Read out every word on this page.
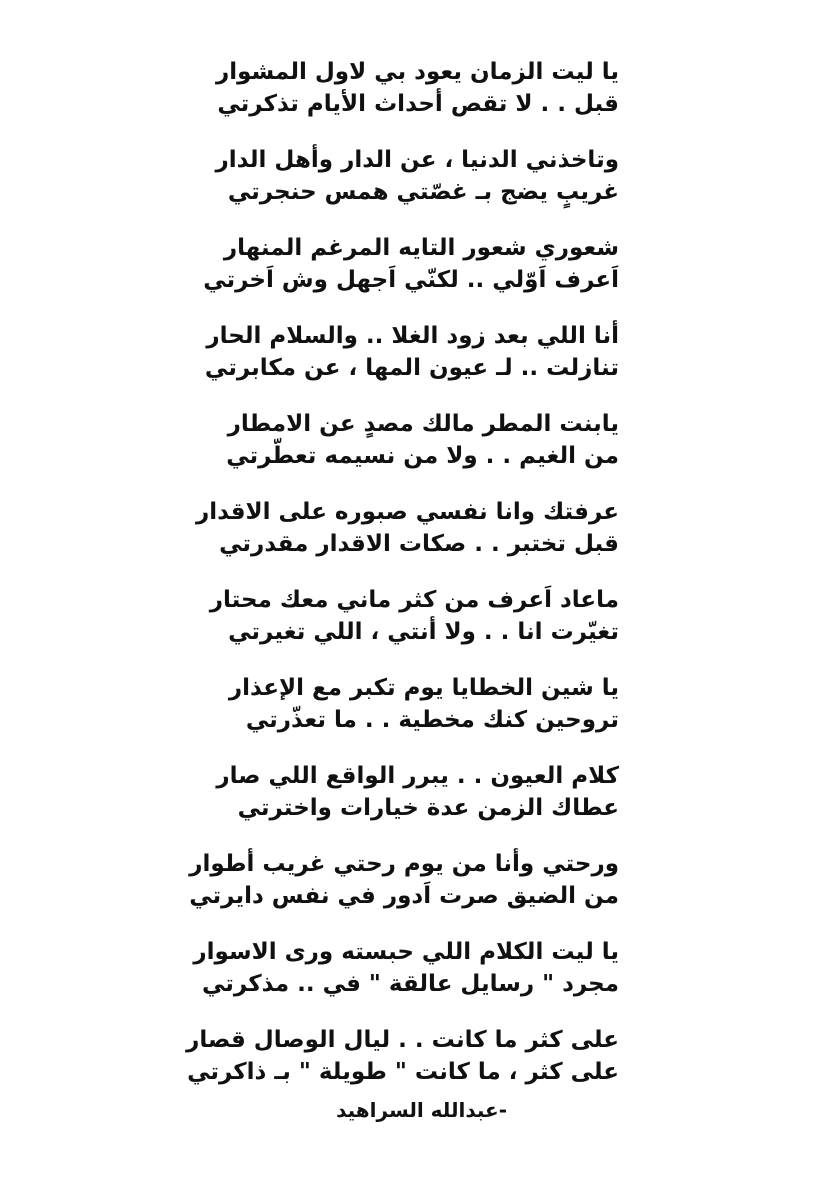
يا ليت الزمان يعود بي لاول المشوار
قبل . . لا تقص أحداث الأيام تذكرتي
وتاخذني الدنيا ، عن الدار وأهل الدار
غريبٍ يضج بـ غصّتي همس حنجرتي
شعوري شعور التايه المرغم المنهار
اَعرف اَوّلي .. لكنّي اَجهل وش اَخرتي
أنا اللي بعد زود الغلا .. والسلام الحار
تنازلت .. لـ عيون المها ، عن مكابرتي
يابنت المطر مالك مصدٍ عن الامطار
من الغيم . . ولا من نسيمه تعطّرتي
عرفتك وانا نفسي صبوره على الاقدار
قبل تختبر . . صكات الاقدار مقدرتي
ماعاد اَعرف من كثر ماني معك محتار
تغيّرت انا . . ولا أنتي ، اللي تغيرتي
يا شين الخطايا يوم تكبر مع الإعذار
تروحين كنك مخطية . . ما تعذّرتي
كلام العيون . . يبرر الواقع اللي صار
عطاك الزمن عدة خيارات واخترتي
ورحتي وأنا من يوم رحتي غريب أطوار
من الضيق صرت اَدور في نفس دايرتي
يا ليت الكلام اللي حبسته ورى الاسوار
مجرد " رسايل عالقة " في .. مذكرتي
على كثر ما كانت . . ليال الوصال قصار
على كثر ، ما كانت " طويلة " بـ ذاكرتي
-عبدالله السراهيد
